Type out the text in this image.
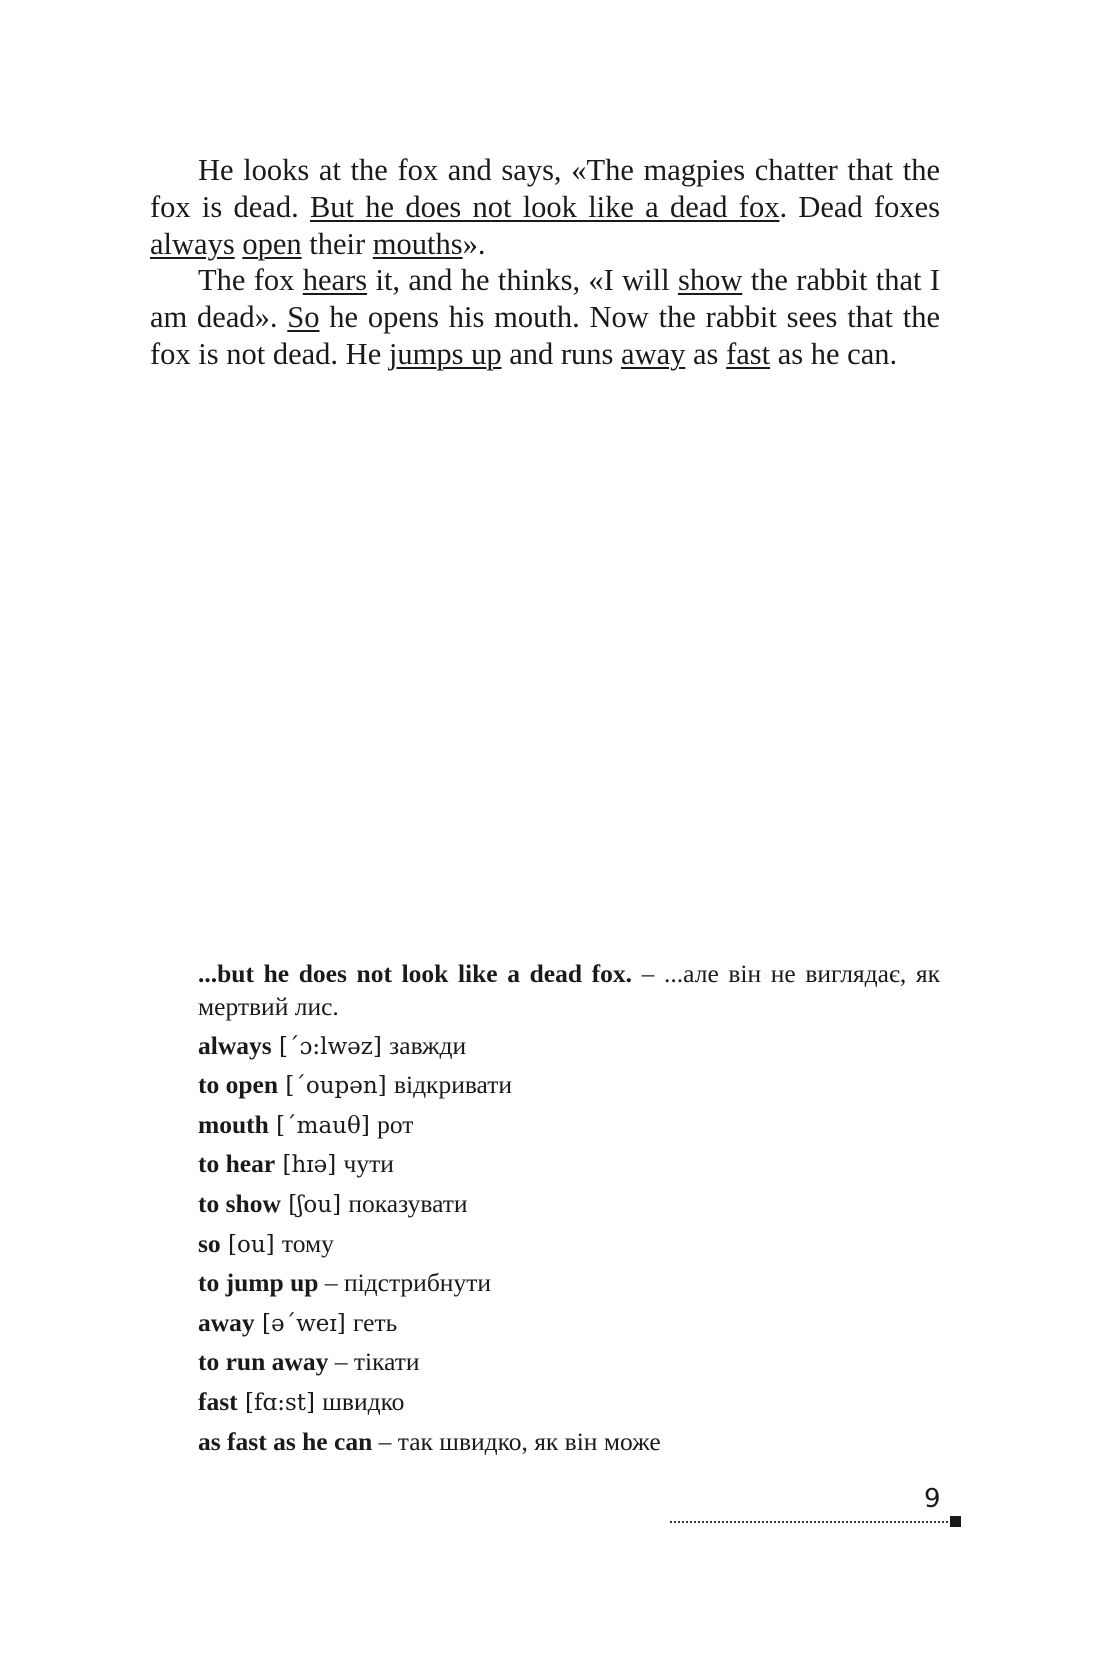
He looks at the fox and says, «The magpies chatter that the fox is dead. But he does not look like a dead fox. Dead foxes always open their mouths».

The fox hears it, and he thinks, «I will show the rabbit that I am dead». So he opens his mouth. Now the rabbit sees that the fox is not dead. He jumps up and runs away as fast as he can.

...but he does not look like a dead fox. – ...але він не виглядає, як мертвий лис.
always [΄ɔ:lwəz] завжди
to open [΄oupən] відкривати
mouth [΄mauθ] рот
to hear [hɪə] чути
to show [ʃou] показувати
so [ou] тому
to jump up – підстрибнути
away [ə΄weɪ] геть
to run away – тікати
fast [fɑ:st] швидко
as fast as he can – так швидко, як він може
9
